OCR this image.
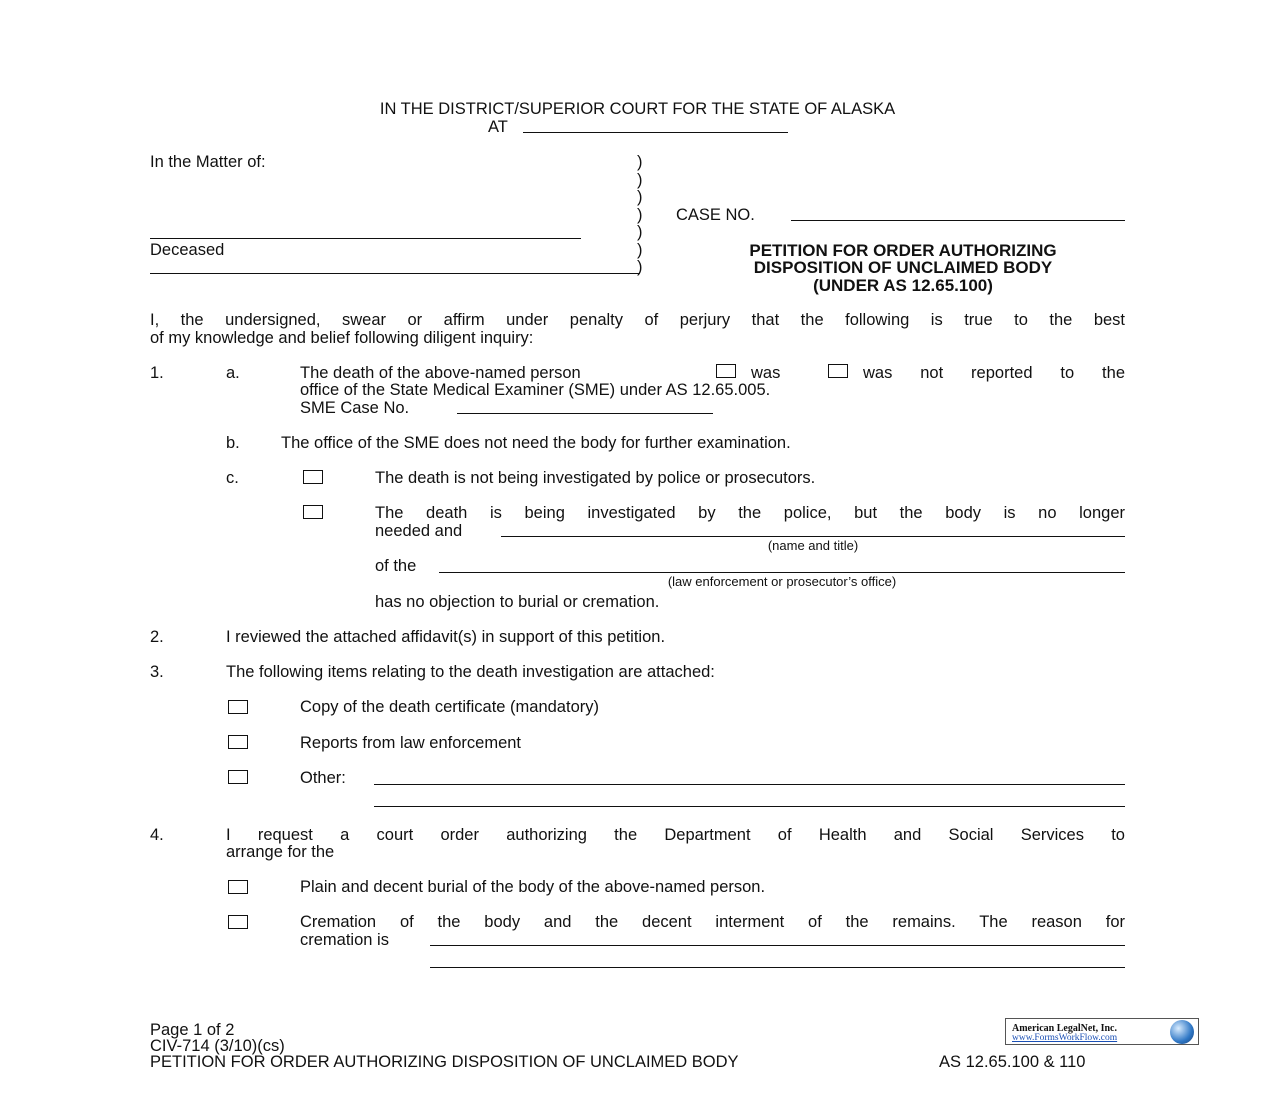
IN THE DISTRICT/SUPERIOR COURT FOR THE STATE OF ALASKA
AT
In the Matter of:
Deceased
)
)
)
)
)
)
)
CASE NO.
PETITION FOR ORDER AUTHORIZING
DISPOSITION OF UNCLAIMED BODY
(UNDER AS 12.65.100)
I, the undersigned, swear or affirm under penalty of perjury that the following is true to the best
of my knowledge and belief following diligent inquiry:
1.	a.	The death of the above-named person	was	was not reported to the
office of the State Medical Examiner (SME) under AS 12.65.005.
SME Case No.
b. The office of the SME does not need the body for further examination.
c.	The death is not being investigated by police or prosecutors.
The death is being investigated by the police, but the body is no longer
needed and
(name and title)
of the
(law enforcement or prosecutor’s office)
has no objection to burial or cremation.
2.	I reviewed the attached affidavit(s) in support of this petition.
3.	The following items relating to the death investigation are attached:
Copy of the death certificate (mandatory)
Reports from law enforcement
Other:
4.	I request a court order authorizing the Department of Health and Social Services to
arrange for the
Plain and decent burial of the body of the above-named person.
Cremation of the body and the decent interment of the remains. The reason for
cremation is
Page 1 of 2
CIV-714 (3/10)(cs)
PETITION FOR ORDER AUTHORIZING DISPOSITION OF UNCLAIMED BODY	AS 12.65.100 & 110
American LegalNet, Inc.
www.FormsWorkFlow.com
